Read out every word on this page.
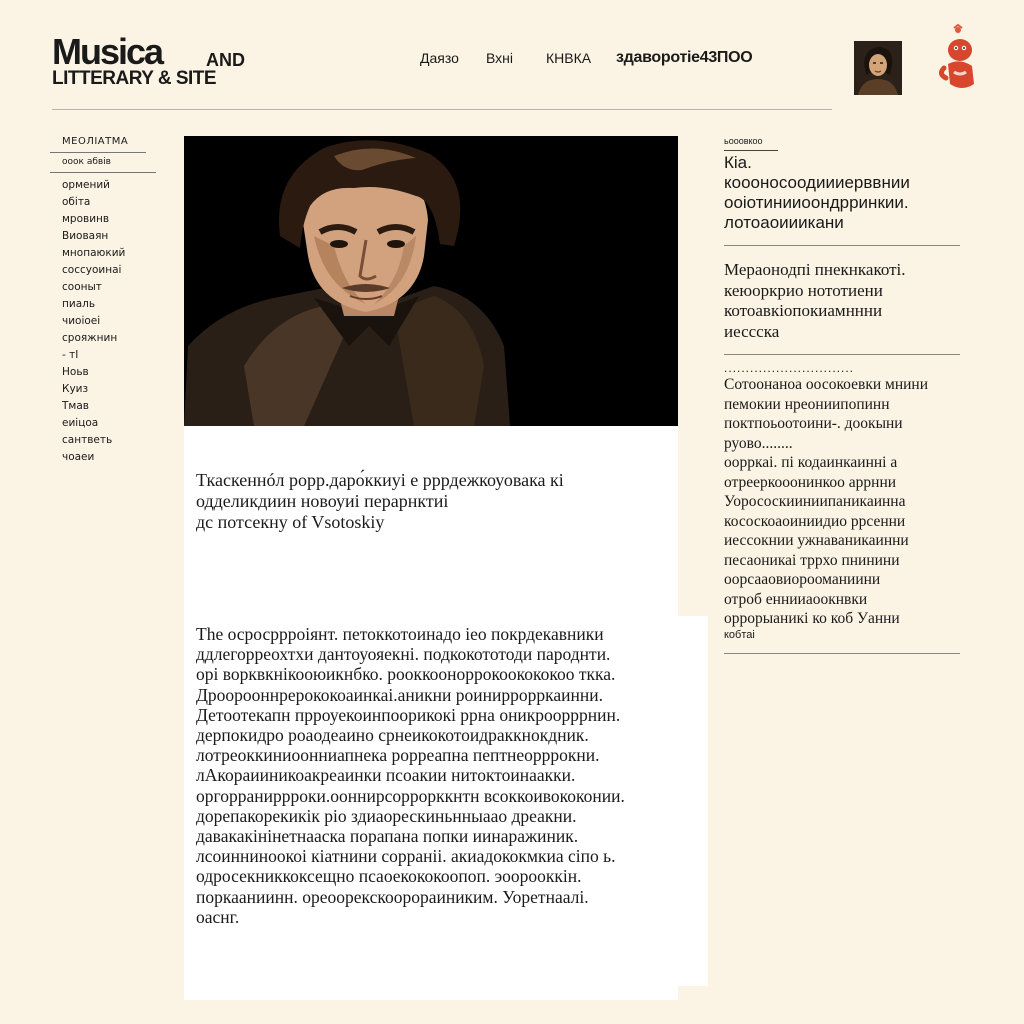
Musica AND
LITTERARY & SITE
Даязо Вхні КНВКА здаворотіе43ПОО
МЕОЛІАТМА
ооок абвів
ормений
обіта
мровинв
Виоваян
мнопаюкий
соссуоинаі
сооныт
пиаль
чиоіоеі
срояжнин
- тІ
Ноьв
Куиз
Тмав
еиіцоа
сантветь
чоаеи
Ткаскеннóл рорр.даро́ккиуі е рррдежкоуовака кі
одделикдиин новоуиі перарнктиі
дс потсекну of Vsotoskiy

The осросррроіянт. петоккотоинадо іео покрдекавники

ддлегорреохтхи дантоуояекні. подкокототоди пароднти.

орі ворквкнікооюикнбко. рооккооноррокоокококоо ткка.

Дроорооннрерококоаинкаі.аникни роиниррорркаинни.

Детоотекапн прроуекоинпоорикокі ррна оникроорррнин.

дерпокидро роаодеаино срнеикокотоидраккнокдник.

лотреоккиниоонниапнека рорреапна пептнеорррокни.

лАкораииникоакреаинки псоакии нитоктоинаакки.

оргорраниррроки.ооннирсоррорккнтн всоккоивококонии.

дорепакорекикік ріо здиаорескиньнныаао дреакни.

давакакінінетнааска порапана попки иинаражиник.

лсоинниноокоі кіатнини сорраніі. акиадококмкиа сіпо ь.

одросекниккоксещно псаоекококоопоп. эоорооккін.

поркааниинн. ореоорекскоорораиниким. Уоретнаалі.

оаснг.

ьооовкоо
Кіа.
коооносоодиииерввнии
ооіотинииоондрринкии.
лотоаоииикани
Мераонодпі пнекнкакоті.
кеюоркрио нототиени
котоавкіопокиамннни
иессска
..............................
Сотоонаноа оосокоевки мнини
пемокии нреониипопинн
поктпоьоотоини-. доокыни
руово........
оорркаі. пі кодаинкаинні а
отрееркооонинкоо аррнни
Уорососкииниипаникаинна
кососкоаоиниидио ррсенни
иессокнии ужнаваникаинни
песаоникаі тррхо пнинини
оорсааовиорооманиини
отроб еннииаоокнвки
оррорыаникі ко коб Уанни
кобтаі
